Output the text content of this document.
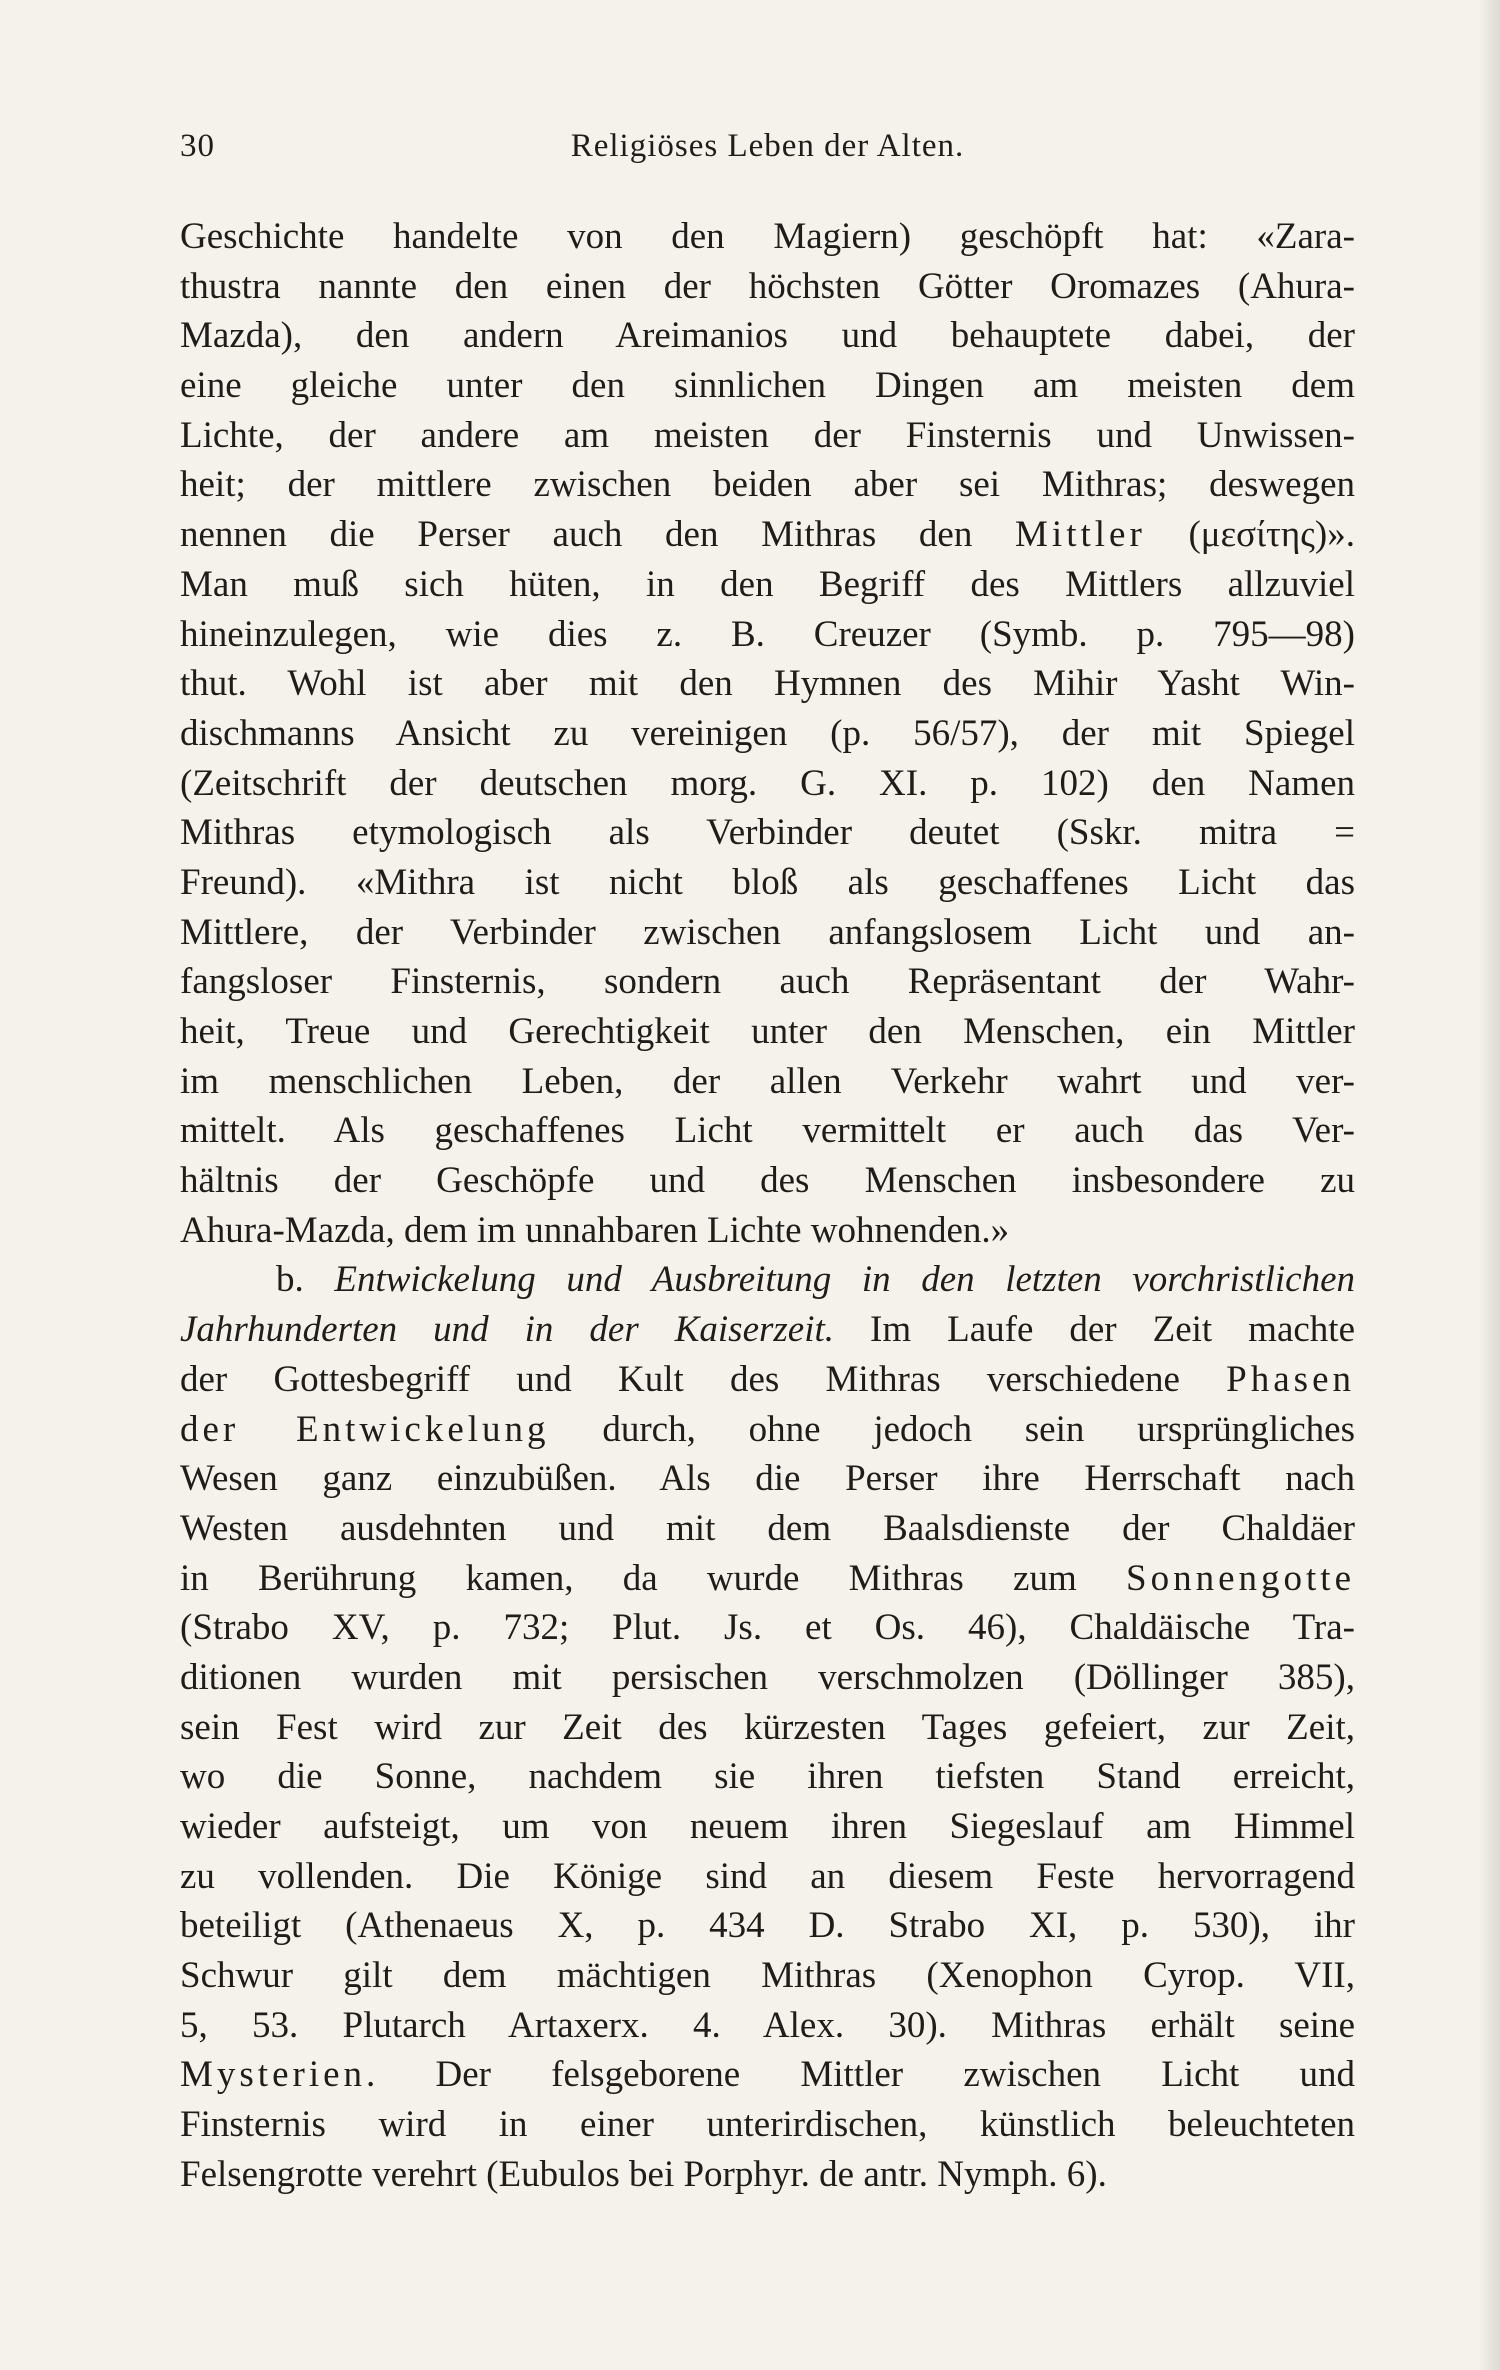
30	Religiöses Leben der Alten.
Geschichte handelte von den Magiern) geschöpft hat: «Zara-
thustra nannte den einen der höchsten Götter Oromazes (Ahura-
Mazda), den andern Areimanios und behauptete dabei, der
eine gleiche unter den sinnlichen Dingen am meisten dem
Lichte, der andere am meisten der Finsternis und Unwissen-
heit; der mittlere zwischen beiden aber sei Mithras; deswegen
nennen die Perser auch den Mithras den Mittler (μεσίτης)».
Man muß sich hüten, in den Begriff des Mittlers allzuviel
hineinzulegen, wie dies z. B. Creuzer (Symb. p. 795—98)
thut. Wohl ist aber mit den Hymnen des Mihir Yasht Win-
dischmanns Ansicht zu vereinigen (p. 56/57), der mit Spiegel
(Zeitschrift der deutschen morg. G. XI. p. 102) den Namen
Mithras etymologisch als Verbinder deutet (Sskr. mitra =
Freund). «Mithra ist nicht bloß als geschaffenes Licht das
Mittlere, der Verbinder zwischen anfangslosem Licht und an-
fangsloser Finsternis, sondern auch Repräsentant der Wahr-
heit, Treue und Gerechtigkeit unter den Menschen, ein Mittler
im menschlichen Leben, der allen Verkehr wahrt und ver-
mittelt. Als geschaffenes Licht vermittelt er auch das Ver-
hältnis der Geschöpfe und des Menschen insbesondere zu
Ahura-Mazda, dem im unnahbaren Lichte wohnenden.»
b. Entwickelung und Ausbreitung in den letzten vorchristlichen
Jahrhunderten und in der Kaiserzeit. Im Laufe der Zeit machte
der Gottesbegriff und Kult des Mithras verschiedene Phasen
der Entwickelung durch, ohne jedoch sein ursprüngliches
Wesen ganz einzubüßen. Als die Perser ihre Herrschaft nach
Westen ausdehnten und mit dem Baalsdienste der Chaldäer
in Berührung kamen, da wurde Mithras zum Sonnengotte
(Strabo XV, p. 732; Plut. Js. et Os. 46), Chaldäische Tra-
ditionen wurden mit persischen verschmolzen (Döllinger 385),
sein Fest wird zur Zeit des kürzesten Tages gefeiert, zur Zeit,
wo die Sonne, nachdem sie ihren tiefsten Stand erreicht,
wieder aufsteigt, um von neuem ihren Siegeslauf am Himmel
zu vollenden. Die Könige sind an diesem Feste hervorragend
beteiligt (Athenaeus X, p. 434 D. Strabo XI, p. 530), ihr
Schwur gilt dem mächtigen Mithras (Xenophon Cyrop. VII,
5, 53. Plutarch Artaxerx. 4. Alex. 30). Mithras erhält seine
Mysterien. Der felsgeborene Mittler zwischen Licht und
Finsternis wird in einer unterirdischen, künstlich beleuchteten
Felsengrotte verehrt (Eubulos bei Porphyr. de antr. Nymph. 6).
